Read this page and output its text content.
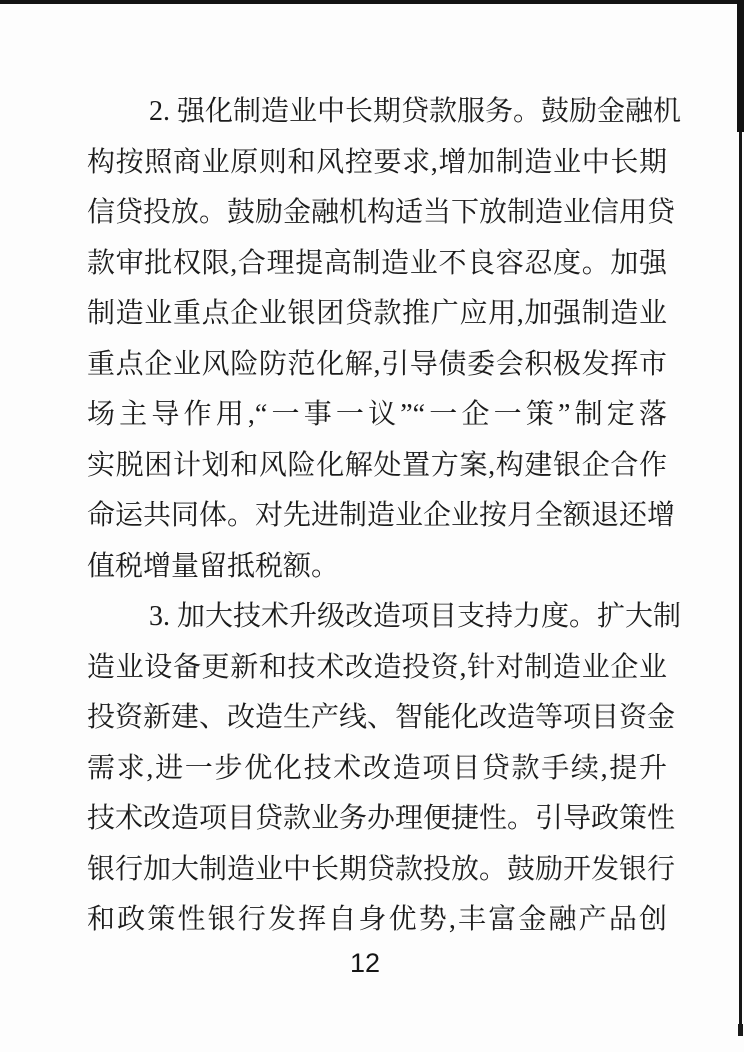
2. 强化制造业中长期贷款服务。鼓励金融机
构按照商业原则和风控要求,增加制造业中长期
信贷投放。鼓励金融机构适当下放制造业信用贷
款审批权限,合理提高制造业不良容忍度。加强
制造业重点企业银团贷款推广应用,加强制造业
重点企业风险防范化解,引导债委会积极发挥市
场主导作用,“一事一议”“一企一策”制定落
实脱困计划和风险化解处置方案,构建银企合作
命运共同体。对先进制造业企业按月全额退还增
值税增量留抵税额。
3. 加大技术升级改造项目支持力度。扩大制
造业设备更新和技术改造投资,针对制造业企业
投资新建、改造生产线、智能化改造等项目资金
需求,进一步优化技术改造项目贷款手续,提升
技术改造项目贷款业务办理便捷性。引导政策性
银行加大制造业中长期贷款投放。鼓励开发银行
和政策性银行发挥自身优势,丰富金融产品创
12
